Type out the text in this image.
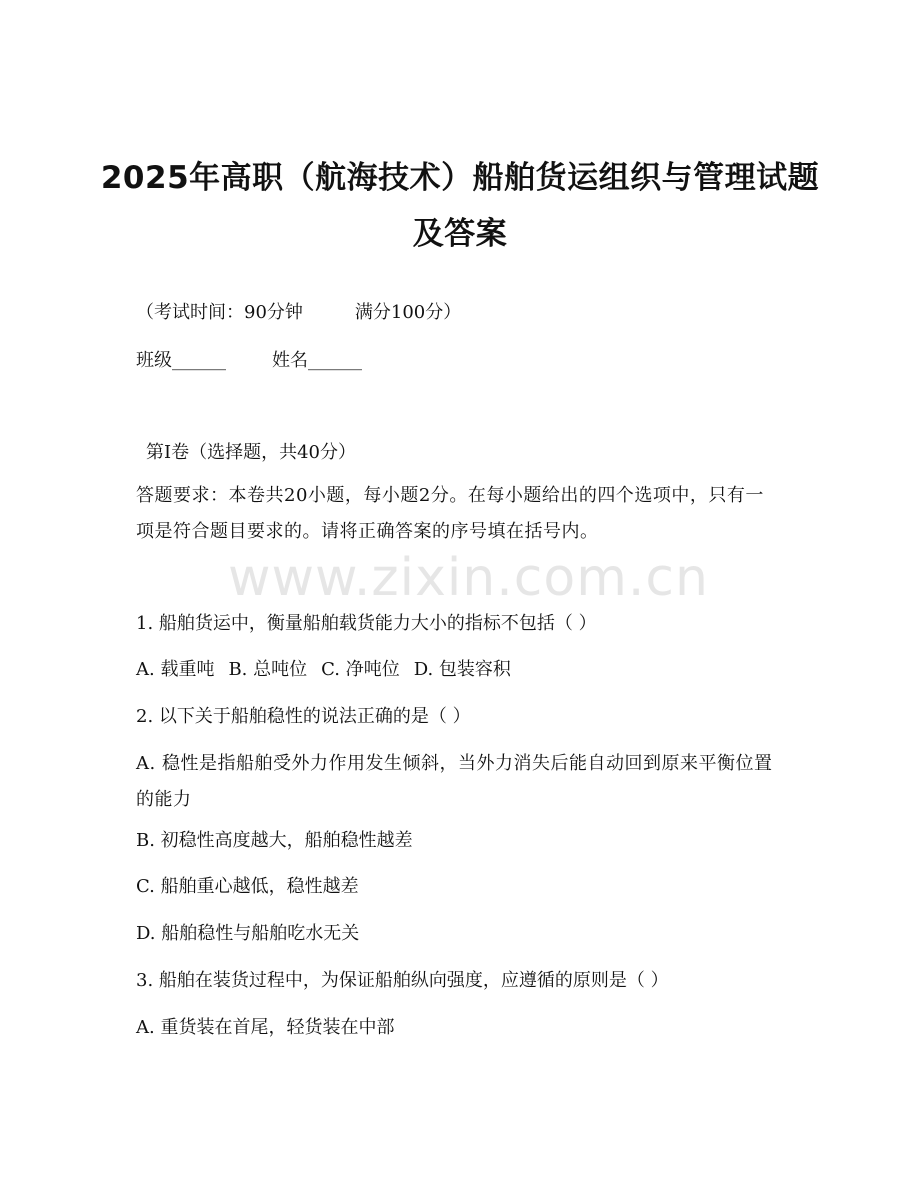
www.zixin.com.cn
2025年高职（航海技术）船舶货运组织与管理试题及答案
（考试时间：90分钟	满分100分）
班级______	姓名______
第I卷（选择题，共40分）
答题要求：本卷共20小题，每小题2分。在每小题给出的四个选项中，只有一项是符合题目要求的。请将正确答案的序号填在括号内。
1. 船舶货运中，衡量船舶载货能力大小的指标不包括（ ）
A. 载重吨 B. 总吨位 C. 净吨位 D. 包装容积
2. 以下关于船舶稳性的说法正确的是（ ）
A. 稳性是指船舶受外力作用发生倾斜，当外力消失后能自动回到原来平衡位置的能力
B. 初稳性高度越大，船舶稳性越差
C. 船舶重心越低，稳性越差
D. 船舶稳性与船舶吃水无关
3. 船舶在装货过程中，为保证船舶纵向强度，应遵循的原则是（ ）
A. 重货装在首尾，轻货装在中部
